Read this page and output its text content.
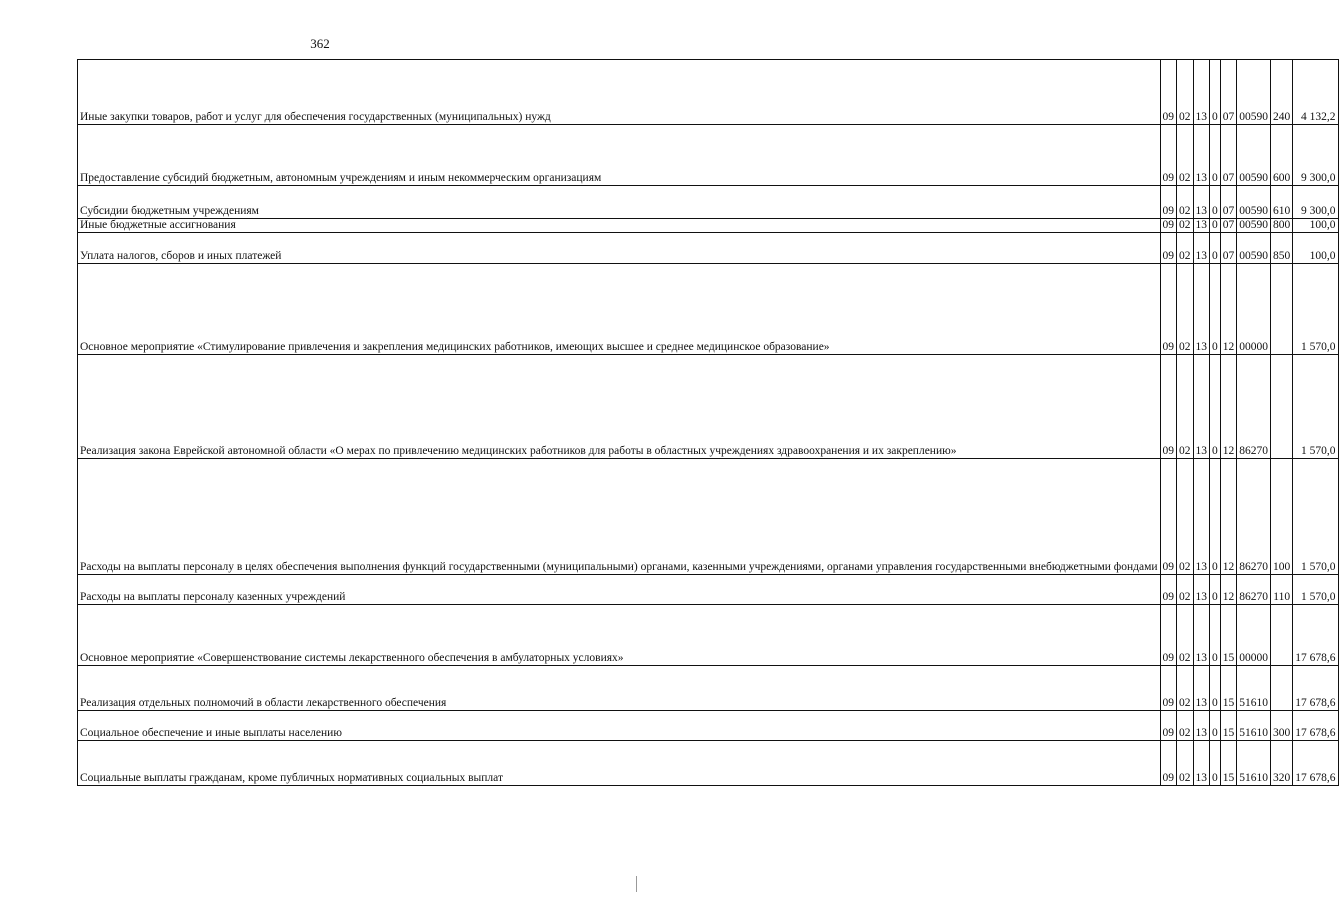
362
Иные закупки товаров, работ и услуг для обеспечения государственных (муниципальных) нужд	09	02	13	0	07	00590	240	4 132,2
Предоставление субсидий бюджетным, автономным учреждениям и иным некоммерческим организациям	09	02	13	0	07	00590	600	9 300,0
Субсидии бюджетным учреждениям	09	02	13	0	07	00590	610	9 300,0
Иные бюджетные ассигнования	09	02	13	0	07	00590	800	100,0
Уплата налогов, сборов и иных платежей	09	02	13	0	07	00590	850	100,0
Основное мероприятие «Стимулирование привлечения и закрепления медицинских работников, имеющих высшее и среднее медицинское образование»	09	02	13	0	12	00000		1 570,0
Реализация закона Еврейской автономной области «О мерах по привлечению медицинских работников для работы в областных учреждениях здравоохранения и их закреплению»	09	02	13	0	12	86270		1 570,0
Расходы на выплаты персоналу в целях обеспечения выполнения функций государственными (муниципальными) органами, казенными учреждениями, органами управления государственными внебюджетными фондами	09	02	13	0	12	86270	100	1 570,0
Расходы на выплаты персоналу казенных учреждений	09	02	13	0	12	86270	110	1 570,0
Основное мероприятие «Совершенствование системы лекарственного обеспечения в амбулаторных условиях»	09	02	13	0	15	00000		17 678,6
Реализация отдельных полномочий в области лекарственного обеспечения	09	02	13	0	15	51610		17 678,6
Социальное обеспечение и иные выплаты населению	09	02	13	0	15	51610	300	17 678,6
Социальные выплаты гражданам, кроме публичных нормативных социальных выплат	09	02	13	0	15	51610	320	17 678,6
